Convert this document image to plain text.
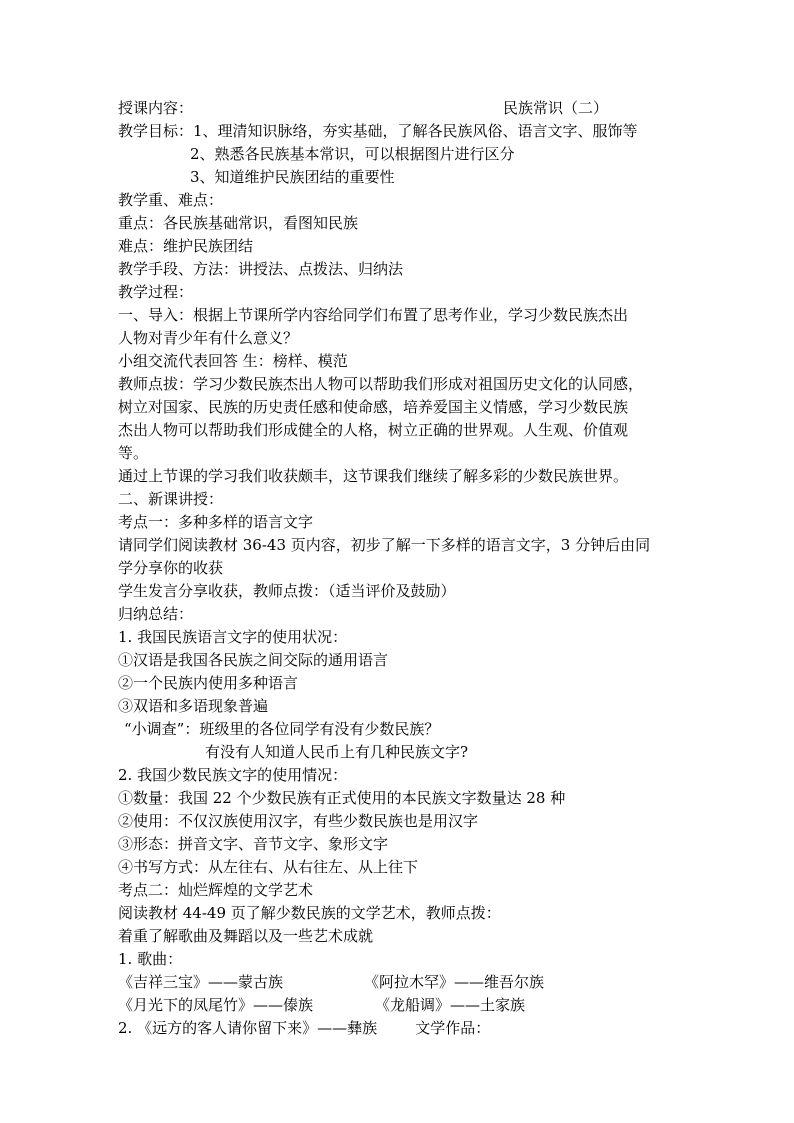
授课内容：	民族常识（二）
教学目标：1、理清知识脉络，夯实基础，了解各民族风俗、语言文字、服饰等
2、熟悉各民族基本常识，可以根据图片进行区分
3、知道维护民族团结的重要性
教学重、难点：
重点：各民族基础常识，看图知民族
难点：维护民族团结
教学手段、方法：讲授法、点拨法、归纳法
教学过程：
一、导入：根据上节课所学内容给同学们布置了思考作业，学习少数民族杰出
人物对青少年有什么意义？
小组交流代表回答 生：榜样、模范
教师点拔：学习少数民族杰出人物可以帮助我们形成对祖国历史文化的认同感，
树立对国家、民族的历史责任感和使命感，培养爱国主义情感，学习少数民族
杰出人物可以帮助我们形成健全的人格，树立正确的世界观。人生观、价值观
等。
通过上节课的学习我们收获颇丰，这节课我们继续了解多彩的少数民族世界。
二、新课讲授：
考点一：多种多样的语言文字
请同学们阅读教材 36-43 页内容，初步了解一下多样的语言文字，3 分钟后由同
学分享你的收获
学生发言分享收获，教师点拨：（适当评价及鼓励）
归纳总结：
1. 我国民族语言文字的使用状况：
①汉语是我国各民族之间交际的通用语言
②一个民族内使用多种语言
③双语和多语现象普遍
“小调查”：班级里的各位同学有没有少数民族？
有没有人知道人民币上有几种民族文字?
2. 我国少数民族文字的使用情况：
①数量：我国 22 个少数民族有正式使用的本民族文字数量达 28 种
②使用：不仅汉族使用汉字，有些少数民族也是用汉字
③形态：拼音文字、音节文字、象形文字
④书写方式：从左往右、从右往左、从上往下
考点二：灿烂辉煌的文学艺术
阅读教材 44-49 页了解少数民族的文学艺术，教师点拨：
着重了解歌曲及舞蹈以及一些艺术成就
1. 歌曲：
《吉祥三宝》——蒙古族                 《阿拉木罕》——维吾尔族
《月光下的凤尾竹》——傣族             《龙船调》——土家族
2. 《远方的客人请你留下来》——彝族        文学作品：
